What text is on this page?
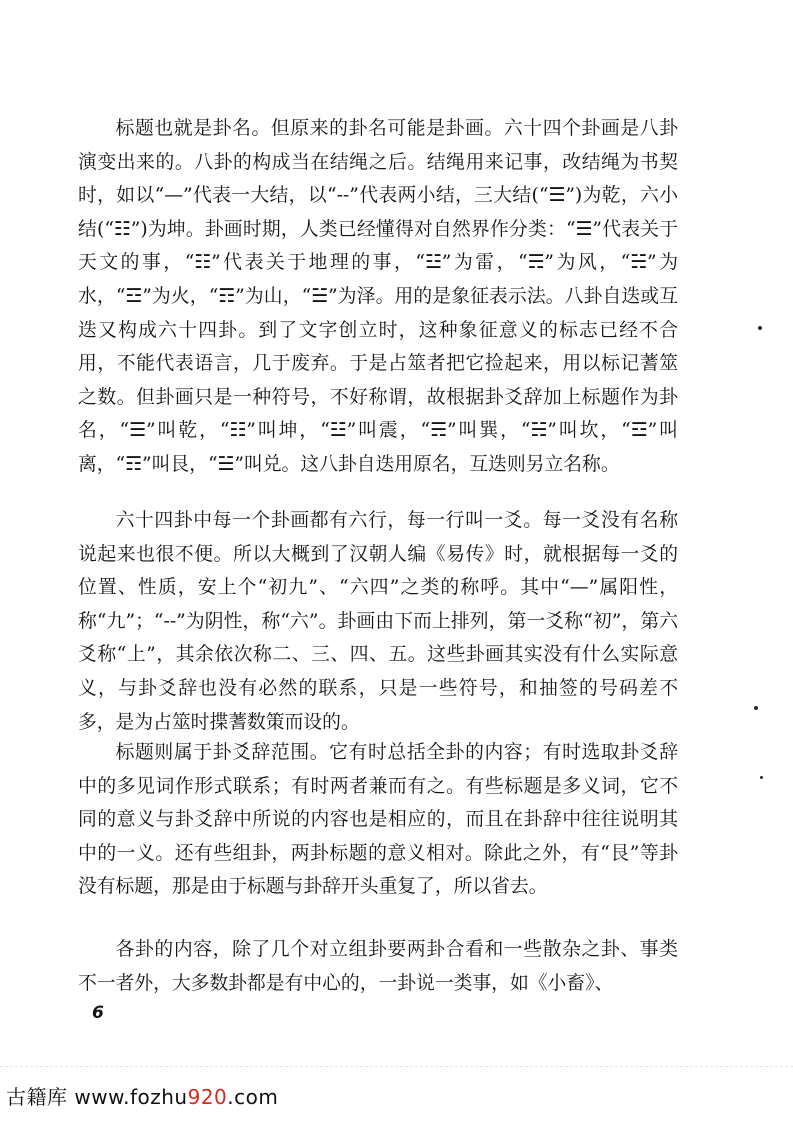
标题也就是卦名。但原来的卦名可能是卦画。六十四个卦画是八卦演变出来的。八卦的构成当在结绳之后。结绳用来记事，改结绳为书契时，如以“—”代表一大结，以“--”代表两小结，三大结(“☰”)为乾，六小结(“☷”)为坤。卦画时期，人类已经懂得对自然界作分类：“☰”代表关于天文的事，“☷”代表关于地理的事，“☳”为雷，“☴”为风，“☵”为水，“☲”为火，“☶”为山，“☱”为泽。用的是象征表示法。八卦自迭或互迭又构成六十四卦。到了文字创立时，这种象征意义的标志已经不合用，不能代表语言，几于废弃。于是占筮者把它捡起来，用以标记蓍筮之数。但卦画只是一种符号，不好称谓，故根据卦爻辞加上标题作为卦名，“☰”叫乾，“☷”叫坤，“☳”叫震，“☴”叫巽，“☵”叫坎，“☲”叫离，“☶”叫艮，“☱”叫兑。这八卦自迭用原名，互迭则另立名称。

六十四卦中每一个卦画都有六行，每一行叫一爻。每一爻没有名称说起来也很不便。所以大概到了汉朝人编《易传》时，就根据每一爻的位置、性质，安上个“初九”、“六四”之类的称呼。其中“—”属阳性，称“九”；“--”为阴性，称“六”。卦画由下而上排列，第一爻称“初”，第六爻称“上”，其余依次称二、三、四、五。这些卦画其实没有什么实际意义，与卦爻辞也没有必然的联系，只是一些符号，和抽签的号码差不多，是为占筮时揲蓍数策而设的。

标题则属于卦爻辞范围。它有时总括全卦的内容；有时选取卦爻辞中的多见词作形式联系；有时两者兼而有之。有些标题是多义词，它不同的意义与卦爻辞中所说的内容也是相应的，而且在卦辞中往往说明其中的一义。还有些组卦，两卦标题的意义相对。除此之外，有“艮”等卦没有标题，那是由于标题与卦辞开头重复了，所以省去。

各卦的内容，除了几个对立组卦要两卦合看和一些散杂之卦、事类不一者外，大多数卦都是有中心的，一卦说一类事，如《小畜》、

6
古籍库 www.fozhu920.com
